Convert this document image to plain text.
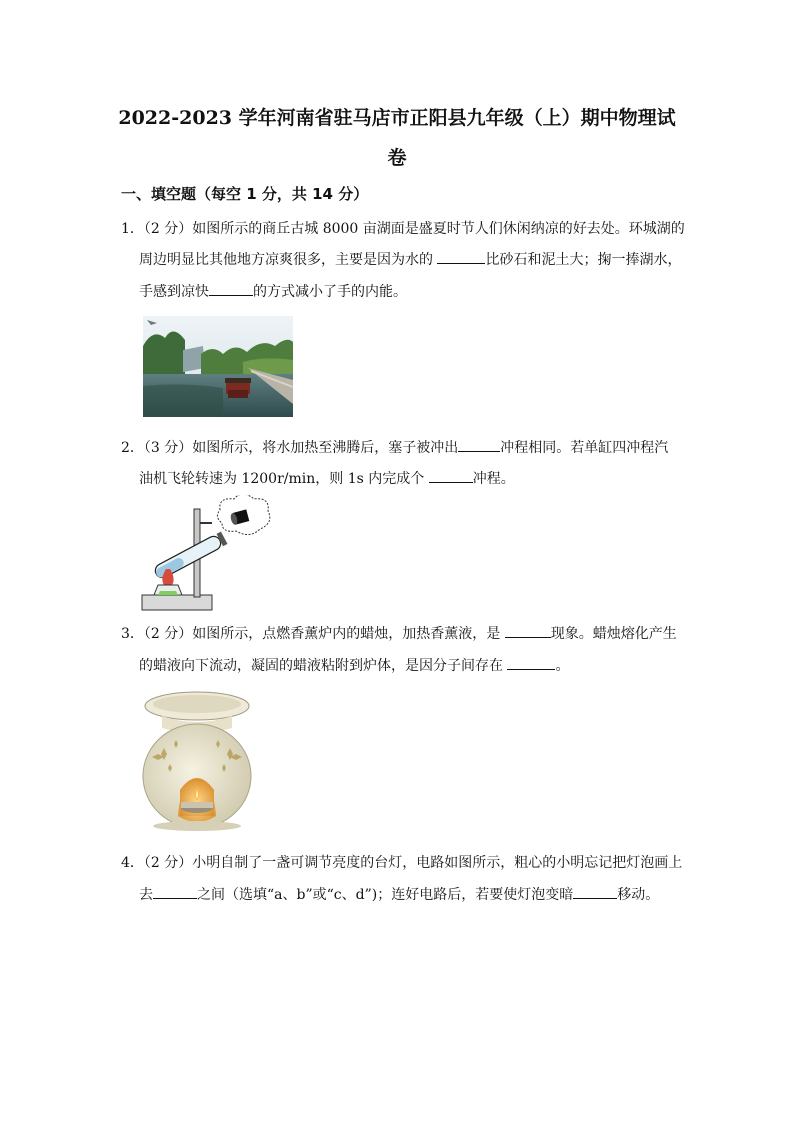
2022-2023 学年河南省驻马店市正阳县九年级（上）期中物理试
卷
一、填空题（每空 1 分，共 14 分）
1．（2 分）如图所示的商丘古城 8000 亩湖面是盛夏时节人们休闲纳凉的好去处。环城湖的
周边明显比其他地方凉爽很多，主要是因为水的	比砂石和泥土大；掬一捧湖水，
手感到凉快	的方式减小了手的内能。
2．（3 分）如图所示，将水加热至沸腾后，塞子被冲出	冲程相同。若单缸四冲程汽
油机飞轮转速为 1200r/min，则 1s 内完成个	冲程。
3．（2 分）如图所示，点燃香薰炉内的蜡烛，加热香薰液，是	现象。蜡烛熔化产生
的蜡液向下流动，凝固的蜡液粘附到炉体，是因分子间存在	。
4．（2 分）小明自制了一盏可调节亮度的台灯，电路如图所示，粗心的小明忘记把灯泡画上
去	之间（选填“a、b”或“c、d”)；连好电路后，若要使灯泡变暗	移动。
